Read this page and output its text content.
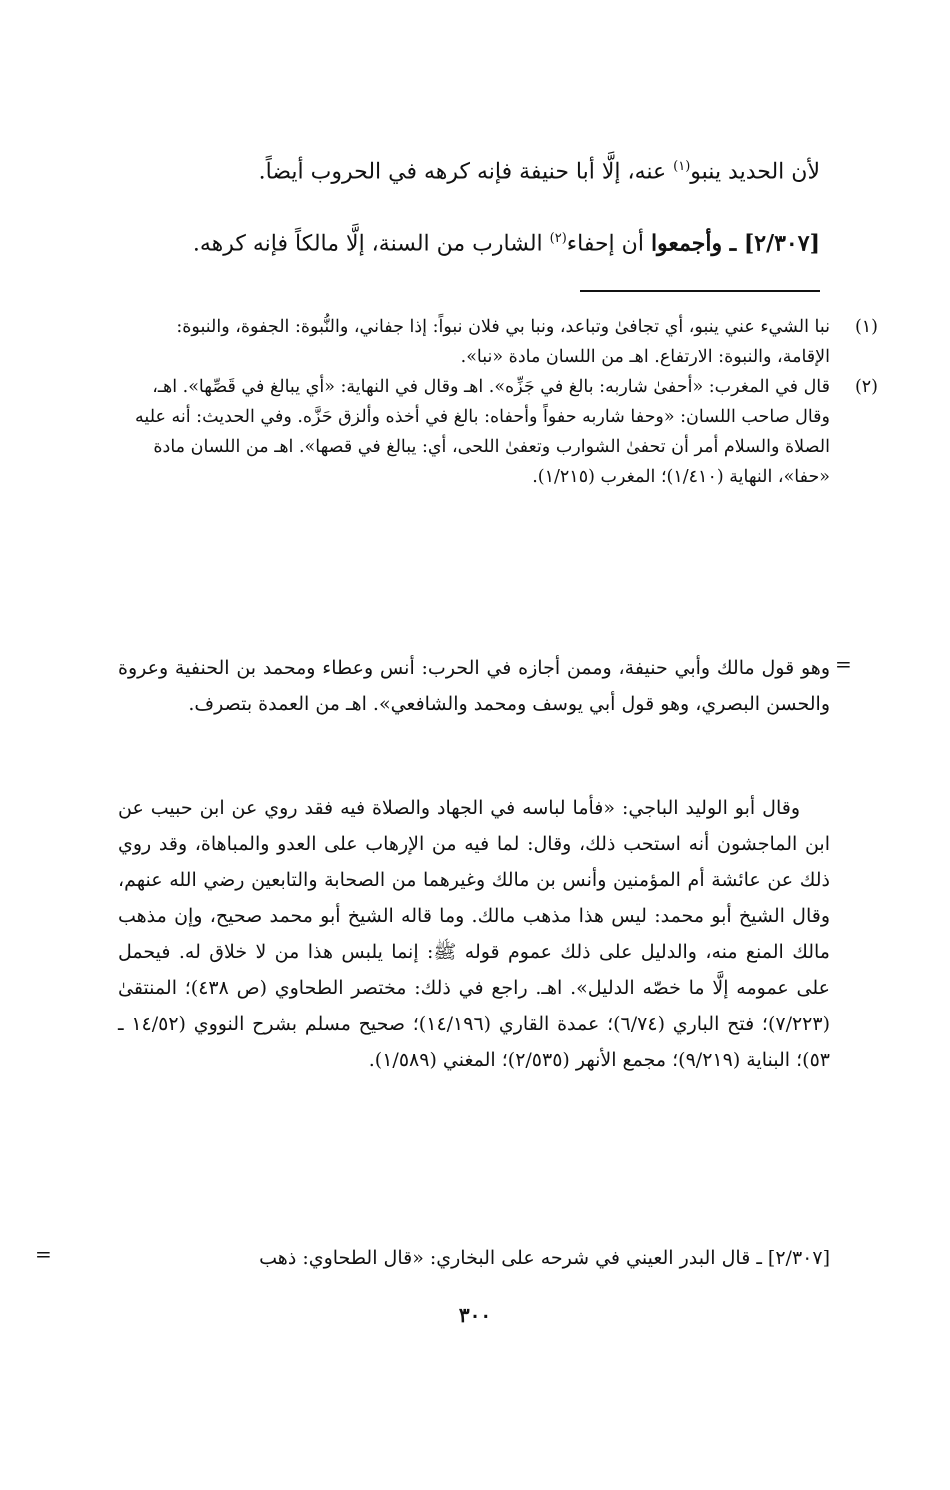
لأن الحديد ينبو$^{(١)}$ عنه، إلَّا أبا حنيفة فإنه كرهه في الحروب أيضاً.
[٢/٣٠٧] ـ وأجمعوا أن إحفاء$^{(٢)}$ الشارب من السنة، إلَّا مالكاً فإنه كرهه.
(١)
نبا الشيء عني ينبو، أي تجافىٰ وتباعد، ونبا بي فلان نبواً: إذا جفاني، والنُّبوة: الجفوة، والنبوة: الإقامة، والنبوة: الارتفاع. اهـ من اللسان مادة «نبا».
(٢)
قال في المغرب: «أحفىٰ شاربه: بالغ في جَزِّه». اهـ وقال في النهاية: «أي يبالغ في قَصِّها». اهـ، وقال صاحب اللسان: «وحفا شاربه حفواً وأحفاه: بالغ في أخذه وألزق حَزَّه. وفي الحديث: أنه عليه الصلاة والسلام أمر أن تحفىٰ الشوارب وتعفىٰ اللحى، أي: يبالغ في قصها». اهـ من اللسان مادة «حفا»، النهاية (١/٤١٠)؛ المغرب (١/٢١٥).
=
وهو قول مالك وأبي حنيفة، وممن أجازه في الحرب: أنس وعطاء ومحمد بن الحنفية وعروة والحسن البصري، وهو قول أبي يوسف ومحمد والشافعي». اهـ من العمدة بتصرف.
وقال أبو الوليد الباجي: «فأما لباسه في الجهاد والصلاة فيه فقد روي عن ابن حبيب عن ابن الماجشون أنه استحب ذلك، وقال: لما فيه من الإرهاب على العدو والمباهاة، وقد روي ذلك عن عائشة أم المؤمنين وأنس بن مالك وغيرهما من الصحابة والتابعين رضي الله عنهم، وقال الشيخ أبو محمد: ليس هذا مذهب مالك. وما قاله الشيخ أبو محمد صحيح، وإن مذهب مالك المنع منه، والدليل على ذلك عموم قوله ﷺ: إنما يلبس هذا من لا خلاق له. فيحمل على عمومه إلَّا ما خصّه الدليل». اهـ. راجع في ذلك: مختصر الطحاوي (ص ٤٣٨)؛ المنتقىٰ (٧/٢٢٣)؛ فتح الباري (٦/٧٤)؛ عمدة القاري (١٤/١٩٦)؛ صحيح مسلم بشرح النووي (١٤/٥٢ ـ ٥٣)؛ البناية (٩/٢١٩)؛ مجمع الأنهر (٢/٥٣٥)؛ المغني (١/٥٨٩).
[٢/٣٠٧] ـ قال البدر العيني في شرحه على البخاري: «قال الطحاوي: ذهب
=
٣٠٠
